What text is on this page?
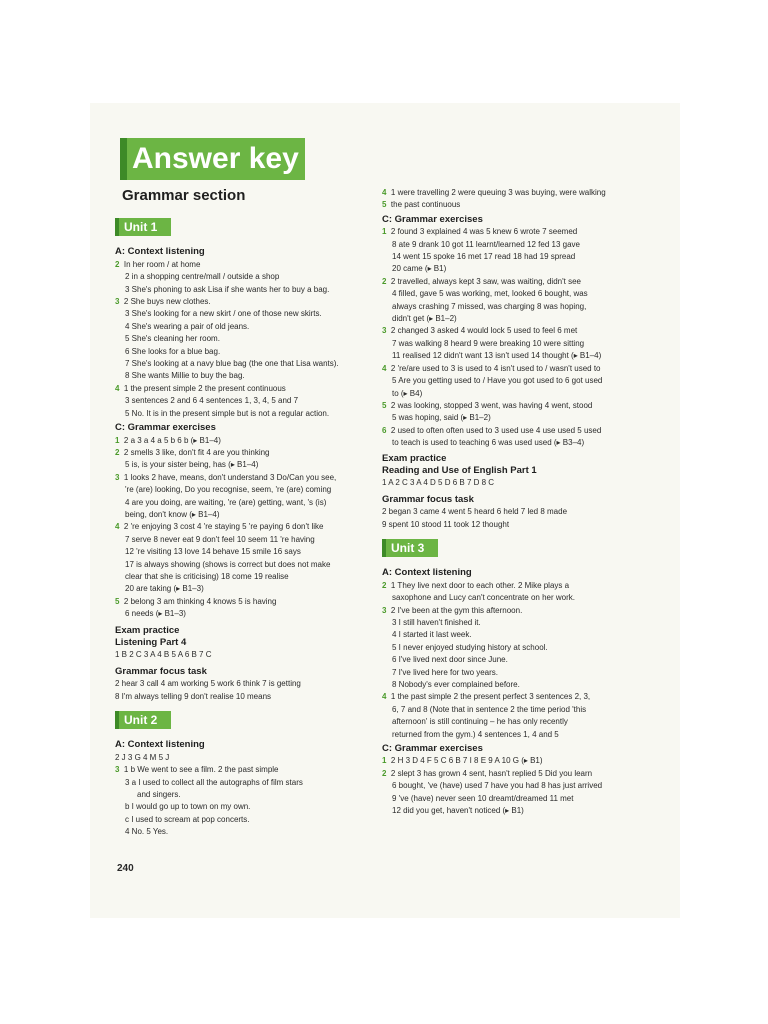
Answer key
Grammar section
Unit 1
A: Context listening
2 In her room / at home
2 in a shopping centre/mall / outside a shop
3 She's phoning to ask Lisa if she wants her to buy a bag.
3 2 She buys new clothes.
3 She's looking for a new skirt / one of those new skirts.
4 She's wearing a pair of old jeans.
5 She's cleaning her room.
6 She looks for a blue bag.
7 She's looking at a navy blue bag (the one that Lisa wants).
8 She wants Millie to buy the bag.
4 1 the present simple 2 the present continuous
3 sentences 2 and 6 4 sentences 1, 3, 4, 5 and 7
5 No. It is in the present simple but is not a regular action.
C: Grammar exercises
1 2 a 3 a 4 a 5 b 6 b (▸ B1–4)
2 2 smells 3 like, don't fit 4 are you thinking
5 is, is your sister being, has (▸ B1–4)
3 1 looks 2 have, means, don't understand 3 Do/Can you see,
're (are) looking, Do you recognise, seem, 're (are) coming
4 are you doing, are waiting, 're (are) getting, want, 's (is)
being, don't know (▸ B1–4)
4 2 're enjoying 3 cost 4 're staying 5 're paying 6 don't like
7 serve 8 never eat 9 don't feel 10 seem 11 're having
12 're visiting 13 love 14 behave 15 smile 16 says
17 is always showing (shows is correct but does not make
clear that she is criticising) 18 come 19 realise
20 are taking (▸ B1–3)
5 2 belong 3 am thinking 4 knows 5 is having
6 needs (▸ B1–3)
Exam practice
Listening Part 4
1 B 2 C 3 A 4 B 5 A 6 B 7 C
Grammar focus task
2 hear 3 call 4 am working 5 work 6 think 7 is getting
8 I'm always telling 9 don't realise 10 means
Unit 2
A: Context listening
2 J 3 G 4 M 5 J
3 1 b We went to see a film. 2 the past simple
3 a I used to collect all the autographs of film stars
and singers.
b I would go up to town on my own.
c I used to scream at pop concerts.
4 No. 5 Yes.
4 1 were travelling 2 were queuing 3 was buying, were walking
5 the past continuous
C: Grammar exercises
1 2 found 3 explained 4 was 5 knew 6 wrote 7 seemed
8 ate 9 drank 10 got 11 learnt/learned 12 fed 13 gave
14 went 15 spoke 16 met 17 read 18 had 19 spread
20 came (▸ B1)
2 2 travelled, always kept 3 saw, was waiting, didn't see
4 filled, gave 5 was working, met, looked 6 bought, was
always crashing 7 missed, was charging 8 was hoping,
didn't get (▸ B1–2)
3 2 changed 3 asked 4 would lock 5 used to feel 6 met
7 was walking 8 heard 9 were breaking 10 were sitting
11 realised 12 didn't want 13 isn't used 14 thought (▸ B1–4)
4 2 're/are used to 3 is used to 4 isn't used to / wasn't used to
5 Are you getting used to / Have you got used to 6 got used
to (▸ B4)
5 2 was looking, stopped 3 went, was having 4 went, stood
5 was hoping, said (▸ B1–2)
6 2 used to often often used to 3 used use 4 use used 5 used
to teach is used to teaching 6 was used used (▸ B3–4)
Exam practice
Reading and Use of English Part 1
1 A 2 C 3 A 4 D 5 D 6 B 7 D 8 C
Grammar focus task
2 began 3 came 4 went 5 heard 6 held 7 led 8 made
9 spent 10 stood 11 took 12 thought
Unit 3
A: Context listening
2 1 They live next door to each other. 2 Mike plays a
saxophone and Lucy can't concentrate on her work.
3 2 I've been at the gym this afternoon.
3 I still haven't finished it.
4 I started it last week.
5 I never enjoyed studying history at school.
6 I've lived next door since June.
7 I've lived here for two years.
8 Nobody's ever complained before.
4 1 the past simple 2 the present perfect 3 sentences 2, 3,
6, 7 and 8 (Note that in sentence 2 the time period 'this
afternoon' is still continuing – he has only recently
returned from the gym.) 4 sentences 1, 4 and 5
C: Grammar exercises
1 2 H 3 D 4 F 5 C 6 B 7 I 8 E 9 A 10 G (▸ B1)
2 2 slept 3 has grown 4 sent, hasn't replied 5 Did you learn
6 bought, 've (have) used 7 have you had 8 has just arrived
9 've (have) never seen 10 dreamt/dreamed 11 met
12 did you get, haven't noticed (▸ B1)
240
